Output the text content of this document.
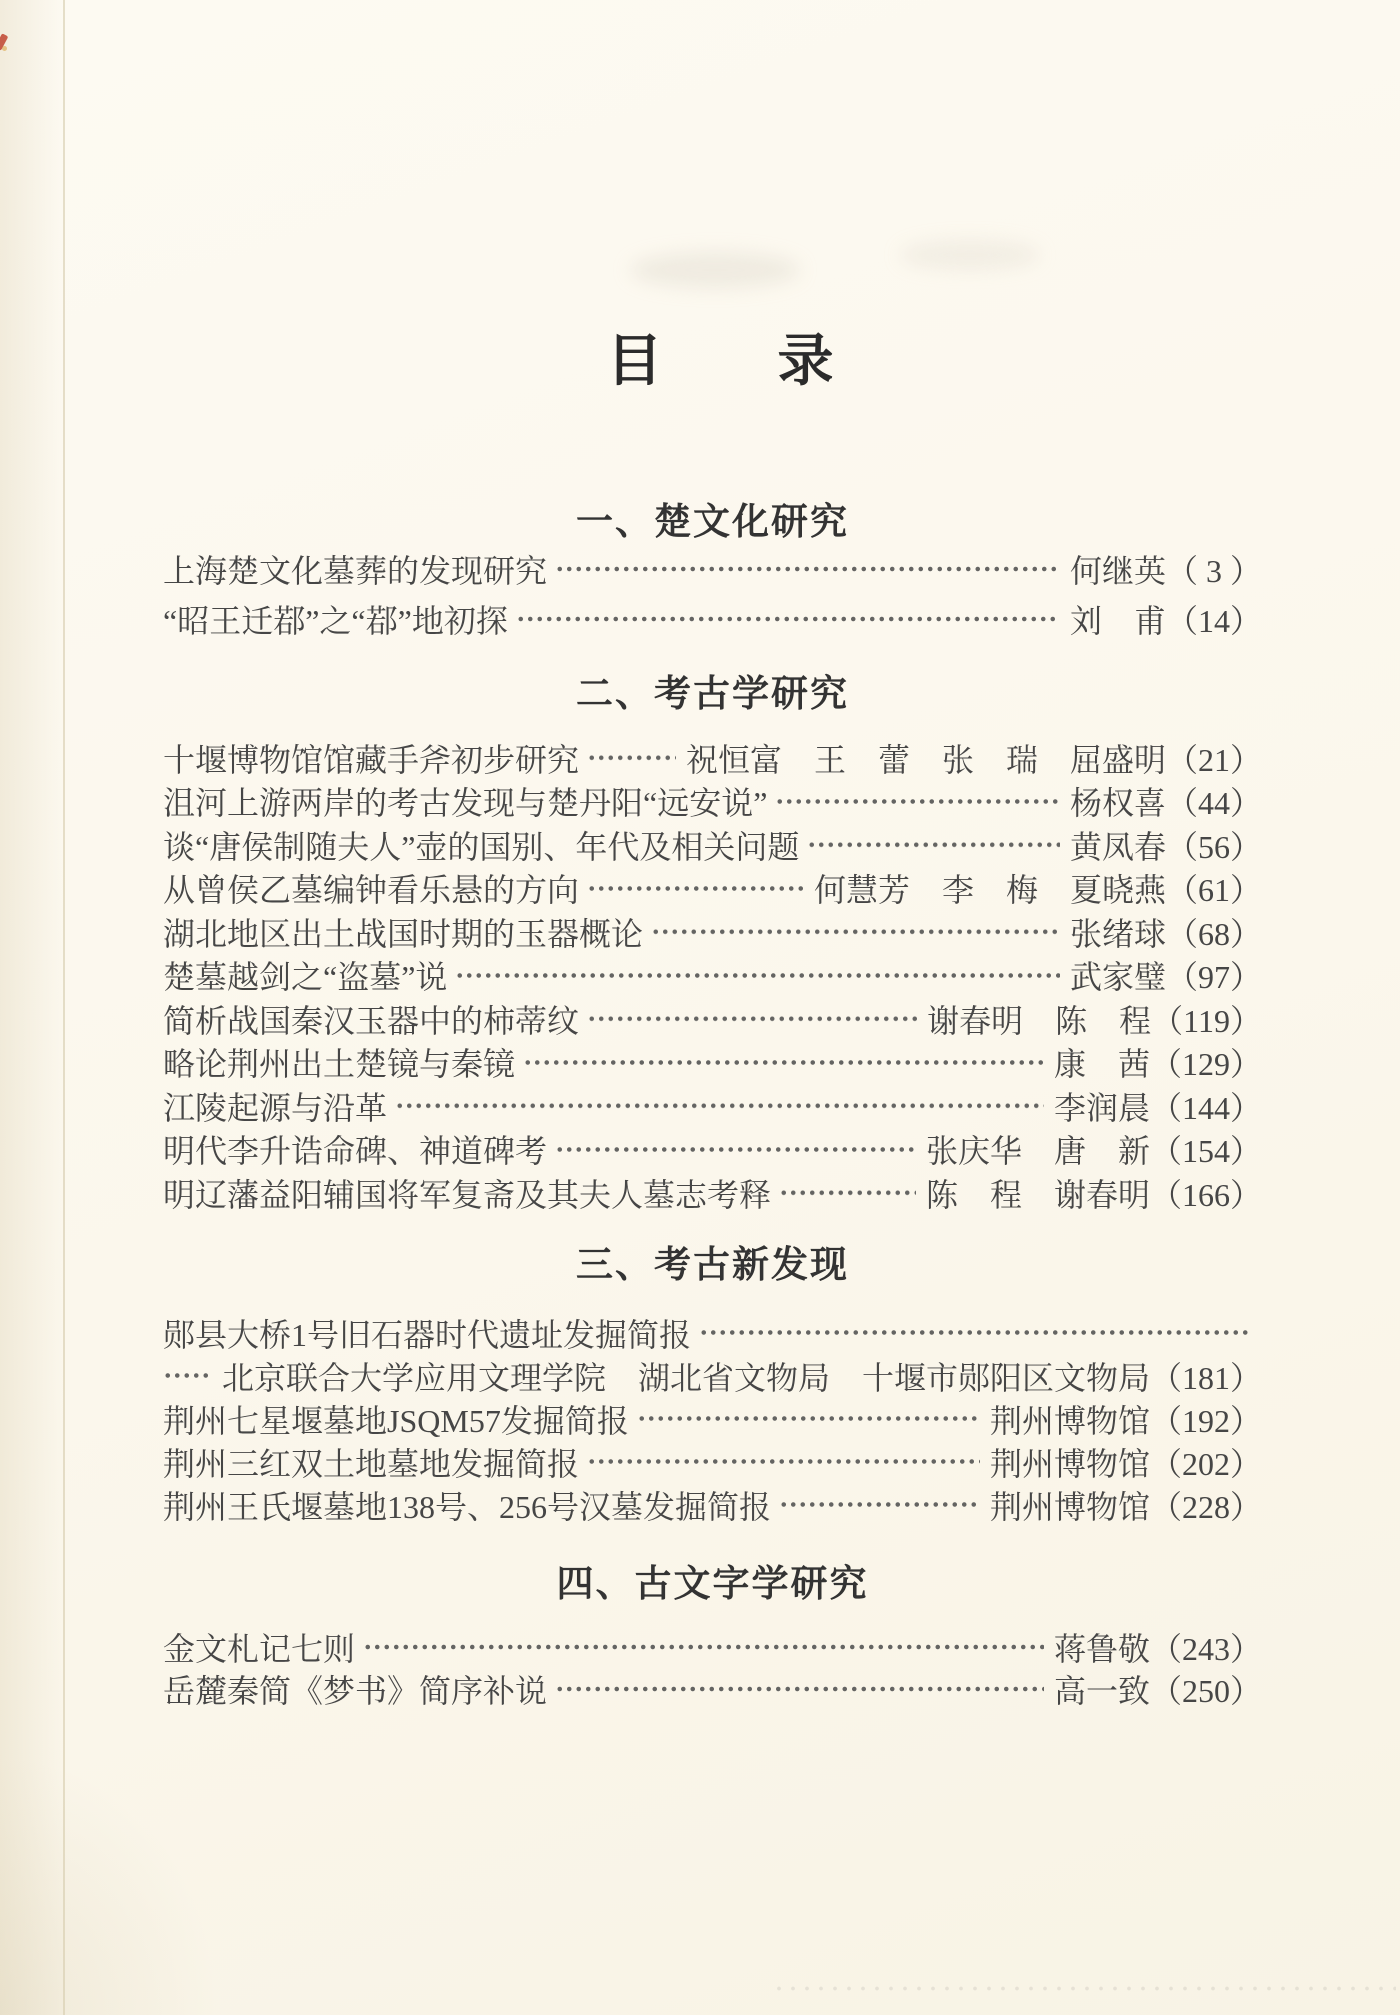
目　　录
一、楚文化研究
上海楚文化墓葬的发现研究	何继英 （ 3 ）
“昭王迁鄀”之“鄀”地初探	刘　甫 （14）
二、考古学研究
十堰博物馆馆藏手斧初步研究	祝恒富　王　蕾　张　瑞　屈盛明 （21）
沮河上游两岸的考古发现与楚丹阳“远安说”	杨权喜 （44）
谈“唐侯制随夫人”壶的国别、年代及相关问题	黄凤春 （56）
从曾侯乙墓编钟看乐悬的方向	何慧芳　李　梅　夏晓燕 （61）
湖北地区出土战国时期的玉器概论	张绪球 （68）
楚墓越剑之“盗墓”说	武家璧 （97）
简析战国秦汉玉器中的柿蒂纹	谢春明　陈　程 （119）
略论荆州出土楚镜与秦镜	康　茜 （129）
江陵起源与沿革	李润晨 （144）
明代李升诰命碑、神道碑考	张庆华　唐　新 （154）
明辽藩益阳辅国将军复斋及其夫人墓志考释	陈　程　谢春明 （166）
三、考古新发现
郧县大桥1号旧石器时代遗址发掘简报
北京联合大学应用文理学院　湖北省文物局　十堰市郧阳区文物局 （181）
荆州七星堰墓地JSQM57发掘简报	荆州博物馆 （192）
荆州三红双土地墓地发掘简报	荆州博物馆 （202）
荆州王氏堰墓地138号、256号汉墓发掘简报	荆州博物馆 （228）
四、古文字学研究
金文札记七则	蒋鲁敬 （243）
岳麓秦简《梦书》简序补说	高一致 （250）
